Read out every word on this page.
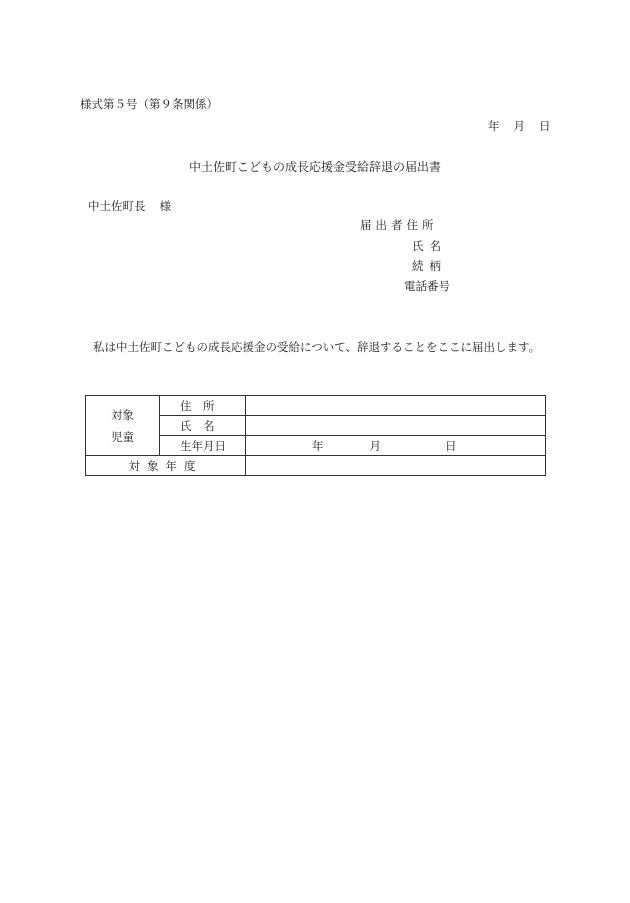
様式第５号（第９条関係）
年 月 日
中土佐町こどもの成長応援金受給辞退の届出書
中土佐町長 様
届出者住所
氏名
続柄
電話番号
私は中土佐町こどもの成長応援金の受給について、辞退することをここに届出します。
対象
児童	住　所	
	氏　名	
	生年月日	年 月 日
対象年度		
